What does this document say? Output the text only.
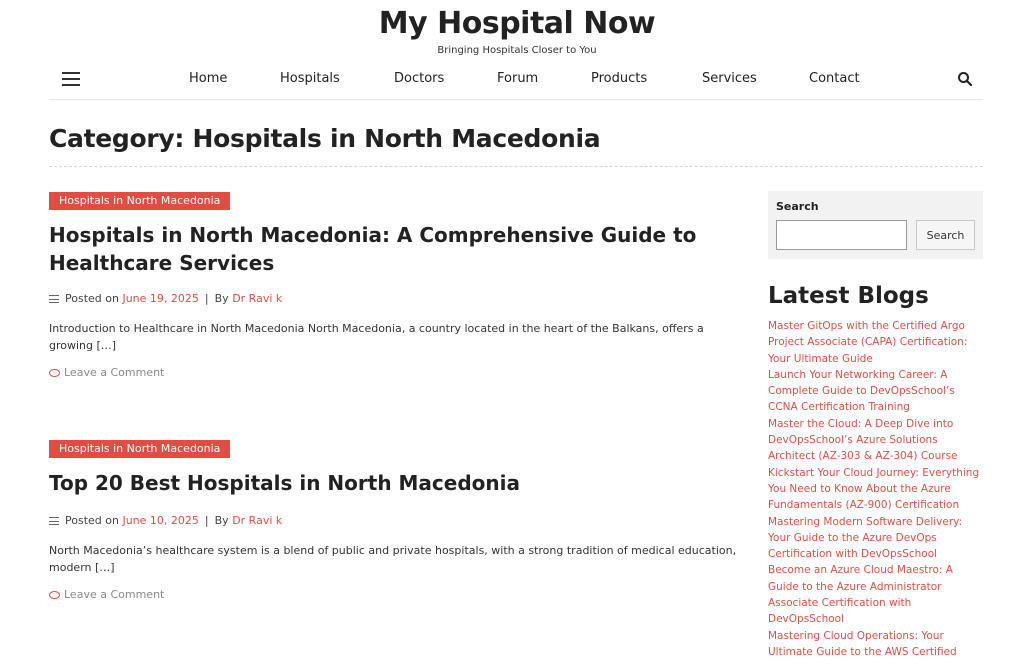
My Hospital Now
Bringing Hospitals Closer to You
Home	Hospitals	Doctors	Forum	Products	Services	Contact
Category: Hospitals in North Macedonia
Hospitals in North Macedonia
Hospitals in North Macedonia: A Comprehensive Guide to Healthcare Services
Posted on June 19, 2025 | By Dr Ravi k

Introduction to Healthcare in North Macedonia North Macedonia, a country located in the heart of the Balkans, offers a growing […]

Leave a Comment
Hospitals in North Macedonia
Top 20 Best Hospitals in North Macedonia
Posted on June 10, 2025 | By Dr Ravi k

North Macedonia’s healthcare system is a blend of public and private hospitals, with a strong tradition of medical education, modern […]

Leave a Comment
Search
Search
Latest Blogs
Master GitOps with the Certified Argo Project Associate (CAPA) Certification: Your Ultimate Guide
Launch Your Networking Career: A Complete Guide to DevOpsSchool’s CCNA Certification Training
Master the Cloud: A Deep Dive into DevOpsSchool’s Azure Solutions Architect (AZ-303 & AZ-304) Course
Kickstart Your Cloud Journey: Everything You Need to Know About the Azure Fundamentals (AZ-900) Certification
Mastering Modern Software Delivery: Your Guide to the Azure DevOps Certification with DevOpsSchool
Become an Azure Cloud Maestro: A Guide to the Azure Administrator Associate Certification with DevOpsSchool
Mastering Cloud Operations: Your Ultimate Guide to the AWS Certified
